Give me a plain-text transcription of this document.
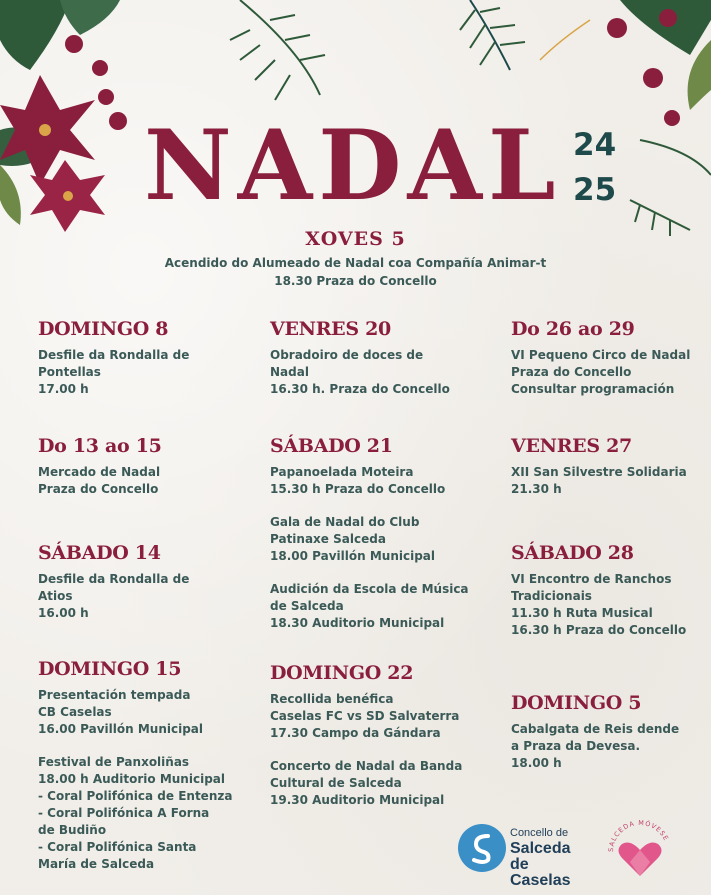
NADAL 24
25
XOVES 5
Acendido do Alumeado de Nadal coa Compañía Animar-t
18.30 Praza do Concello
DOMINGO 8
Desfile da Rondalla de
Pontellas
17.00 h
Do 13 ao 15
Mercado de Nadal
Praza do Concello
SÁBADO 14
Desfile da Rondalla de
Atios
16.00 h
DOMINGO 15
Presentación tempada
CB Caselas
16.00 Pavillón Municipal
Festival de Panxoliñas
18.00 h Auditorio Municipal
- Coral Polifónica de Entenza
- Coral Polifónica A Forna
de Budiño
- Coral Polifónica Santa
María de Salceda
VENRES 20
Obradoiro de doces de
Nadal
16.30 h. Praza do Concello
SÁBADO 21
Papanoelada Moteira
15.30 h Praza do Concello
Gala de Nadal do Club
Patinaxe Salceda
18.00 Pavillón Municipal
Audición da Escola de Música
de Salceda
18.30 Auditorio Municipal
DOMINGO 22
Recollida benéfica
Caselas FC vs SD Salvaterra
17.30 Campo da Gándara
Concerto de Nadal da Banda
Cultural de Salceda
19.30 Auditorio Municipal
Do 26 ao 29
VI Pequeno Circo de Nadal
Praza do Concello
Consultar programación
VENRES 27
XII San Silvestre Solidaria
21.30 h
SÁBADO 28
VI Encontro de Ranchos
Tradicionais
11.30 h Ruta Musical
16.30 h Praza do Concello
DOMINGO 5
Cabalgata de Reis dende
a Praza da Devesa.
18.00 h
Concello de
Salceda
de Caselas
SALCEDA MÓVESE
